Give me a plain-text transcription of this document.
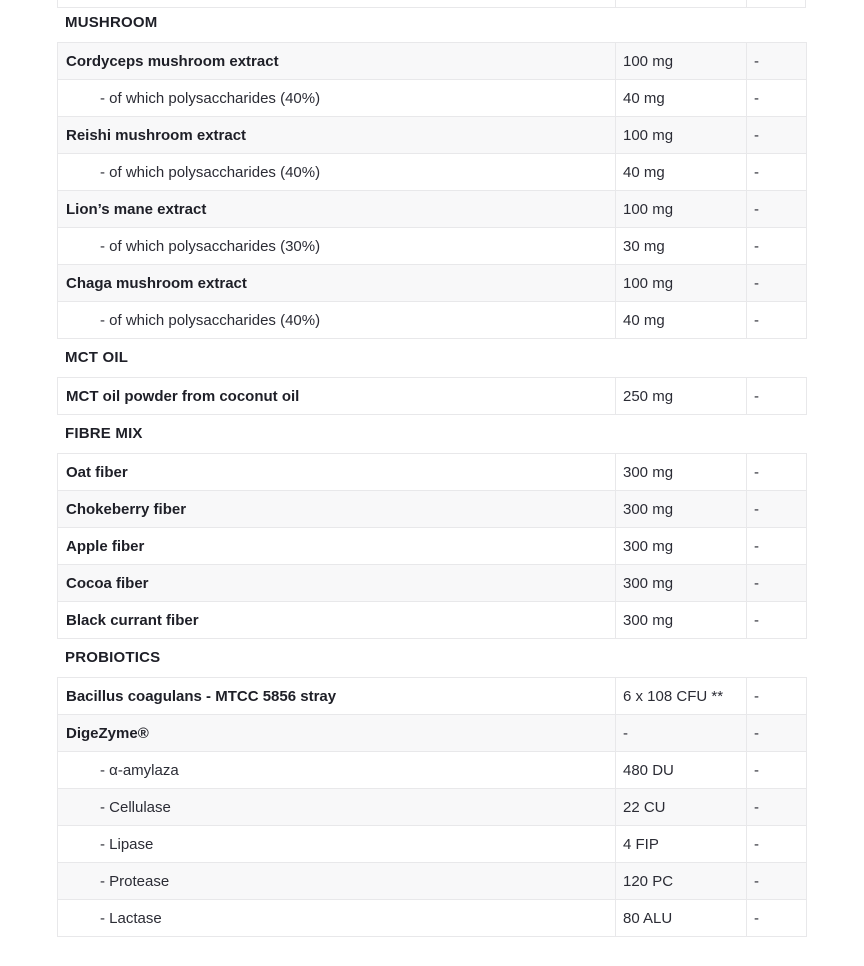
MUSHROOM
Cordyceps mushroom extract	100 mg	-
- of which polysaccharides (40%)	40 mg	-
Reishi mushroom extract	100 mg	-
- of which polysaccharides (40%)	40 mg	-
Lion’s mane extract	100 mg	-
- of which polysaccharides (30%)	30 mg	-
Chaga mushroom extract	100 mg	-
- of which polysaccharides (40%)	40 mg	-
MCT OIL
MCT oil powder from coconut oil	250 mg	-
FIBRE MIX
Oat fiber	300 mg	-
Chokeberry fiber	300 mg	-
Apple fiber	300 mg	-
Cocoa fiber	300 mg	-
Black currant fiber	300 mg	-
PROBIOTICS
Bacillus coagulans - MTCC 5856 stray	6 x 108 CFU **	-
DigeZyme®	-	-
- α-amylaza	480 DU	-
- Cellulase	22 CU	-
- Lipase	4 FIP	-
- Protease	120 PC	-
- Lactase	80 ALU	-
